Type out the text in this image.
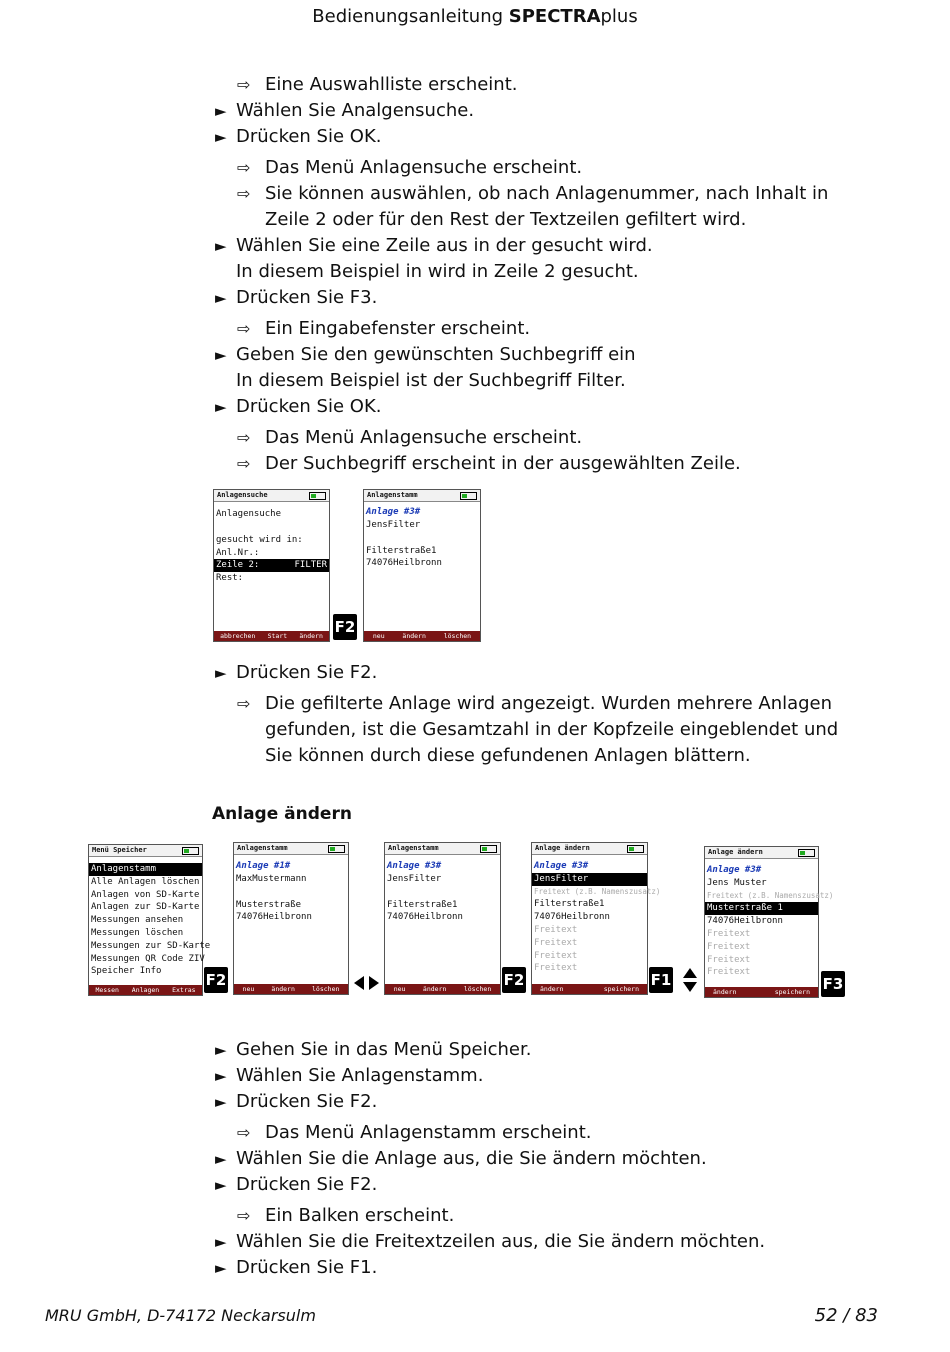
Bedienungsanleitung SPECTRAplus
⇨ Eine Auswahlliste erscheint.
► Wählen Sie Analgensuche.
► Drücken Sie OK.
⇨ Das Menü Anlagensuche erscheint.
⇨ Sie können auswählen, ob nach Anlagenummer, nach Inhalt in
Zeile 2 oder für den Rest der Textzeilen gefiltert wird.
► Wählen Sie eine Zeile aus in der gesucht wird.
In diesem Beispiel in wird in Zeile 2 gesucht.
► Drücken Sie F3.
⇨ Ein Eingabefenster erscheint.
► Geben Sie den gewünschten Suchbegriff ein
In diesem Beispiel ist der Suchbegriff Filter.
► Drücken Sie OK.
⇨ Das Menü Anlagensuche erscheint.
⇨ Der Suchbegriff erscheint in der ausgewählten Zeile.
► Drücken Sie F2.
⇨ Die gefilterte Anlage wird angezeigt. Wurden mehrere Anlagen
gefunden, ist die Gesamtzahl in der Kopfzeile eingeblendet und
Sie können durch diese gefundenen Anlagen blättern.
Anlage ändern
► Gehen Sie in das Menü Speicher.
► Wählen Sie Anlagenstamm.
► Drücken Sie F2.
⇨ Das Menü Anlagenstamm erscheint.
► Wählen Sie die Anlage aus, die Sie ändern möchten.
► Drücken Sie F2.
⇨ Ein Balken erscheint.
► Wählen Sie die Freitextzeilen aus, die Sie ändern möchten.
► Drücken Sie F1.
Anlagensuche
Anlagensuche
gesucht wird in:
Anl.Nr.:
Zeile 2:	FILTER
Rest:
abbrechen Start ändern F2
Anlagenstamm
Anlage #3#
JensFilter
Filterstraße1
74076Heilbronn
neu	ändern	löschen
Menü Speicher
Anlagenstamm
Alle Anlagen löschen
Anlagen von SD-Karte
Anlagen zur SD-Karte
Messungen ansehen
Messungen löschen
Messungen zur SD-Karte
Messungen QR Code ZIV
Speicher Info
Messen Anlagen Extras
F2
Anlagenstamm
Anlage #1#
MaxMustermann
Musterstraße
74076Heilbronn
neu	ändern	löschen
Anlagenstamm
Anlage #3#
JensFilter
Filterstraße1
74076Heilbronn
neu	ändern	löschen F2
Anlage ändern
Anlage #3#
JensFilter
Freitext (z.B. Namenszusatz)
Filterstraße1
74076Heilbronn
Freitext
Freitext
Freitext
Freitext
ändern	speichern F1
Anlage ändern
Anlage #3#
Jens Muster
Freitext (z.B. Namenszusatz)
Musterstraße 1
74076Heilbronn
Freitext
Freitext
Freitext
Freitext
ändern	speichern F3
MRU GmbH, D-74172 Neckarsulm	52 / 83
